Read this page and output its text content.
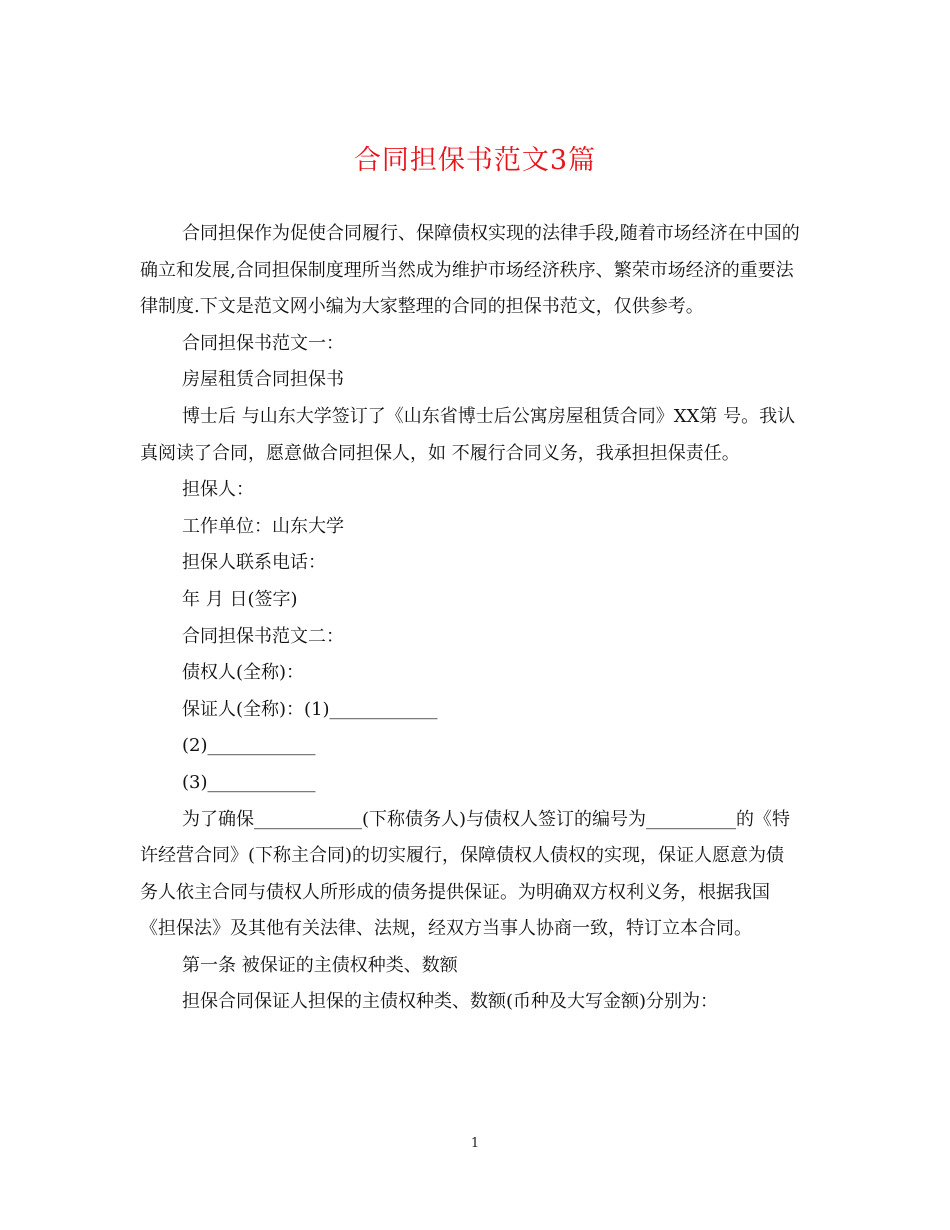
合同担保书范文3篇

合同担保作为促使合同履行、保障债权实现的法律手段,随着市场经济在中国的确立和发展,合同担保制度理所当然成为维护市场经济秩序、繁荣市场经济的重要法律制度.下文是范文网小编为大家整理的合同的担保书范文，仅供参考。

合同担保书范文一：

房屋租赁合同担保书

博士后 与山东大学签订了《山东省博士后公寓房屋租赁合同》XX第 号。我认真阅读了合同，愿意做合同担保人，如 不履行合同义务，我承担担保责任。

担保人：

工作单位：山东大学

担保人联系电话：

年 月 日(签字)

合同担保书范文二：

债权人(全称)：

保证人(全称)：(1)____________

(2)____________

(3)____________

为了确保____________(下称债务人)与债权人签订的编号为__________的《特许经营合同》(下称主合同)的切实履行，保障债权人债权的实现，保证人愿意为债务人依主合同与债权人所形成的债务提供保证。为明确双方权利义务，根据我国《担保法》及其他有关法律、法规，经双方当事人协商一致，特订立本合同。

第一条 被保证的主债权种类、数额

担保合同保证人担保的主债权种类、数额(币种及大写金额)分别为：

1
